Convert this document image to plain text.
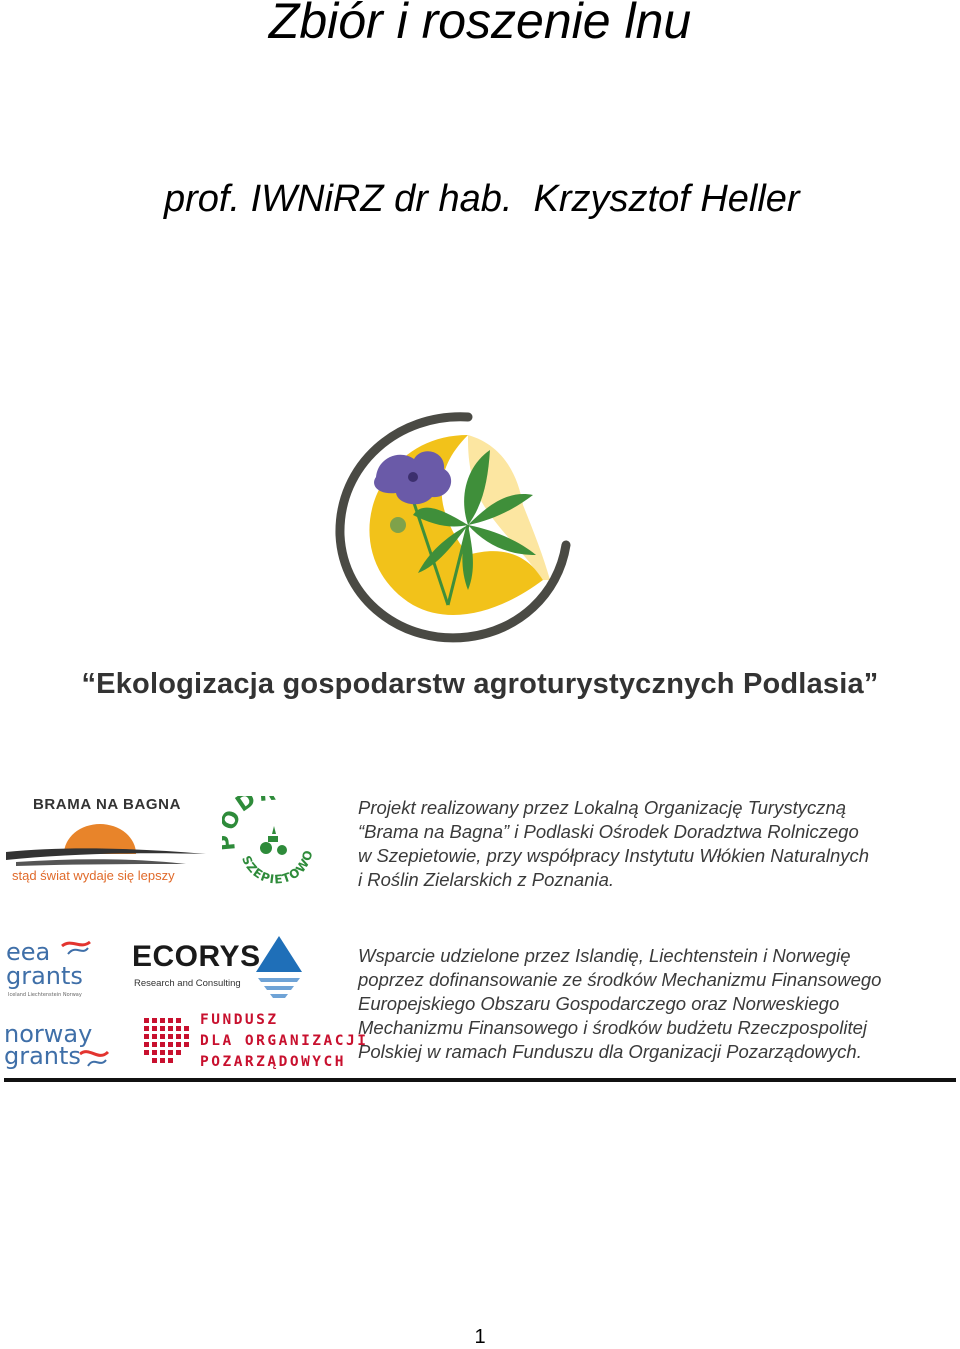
Zbiór i roszenie lnu
prof. IWNiRZ dr hab.  Krzysztof Heller
“Ekologizacja gospodarstw agroturystycznych Podlasia”
BRAMA NA BAGNA
stąd świat wydaje się lepszy
D
SZEPIETOWO
Projekt realizowany przez Lokalną Organizację Turystyczną
“Brama na Bagna” i Podlaski Ośrodek Doradztwa Rolniczego
w Szepietowie, przy współpracy Instytutu Włókien Naturalnych
i Roślin Zielarskich z Poznania.
eea
grants
Iceland Liechtenstein Norway
norway
grants
ECORYS
Research and Consulting
FUNDUSZ
DLA ORGANIZACJI
POZARZĄDOWYCH
Wsparcie udzielone przez Islandię, Liechtenstein i Norwegię
poprzez dofinansowanie ze środków Mechanizmu Finansowego
Europejskiego Obszaru Gospodarczego oraz Norweskiego
Mechanizmu Finansowego i środków budżetu Rzeczpospolitej
Polskiej w ramach Funduszu dla Organizacji Pozarządowych.
1
